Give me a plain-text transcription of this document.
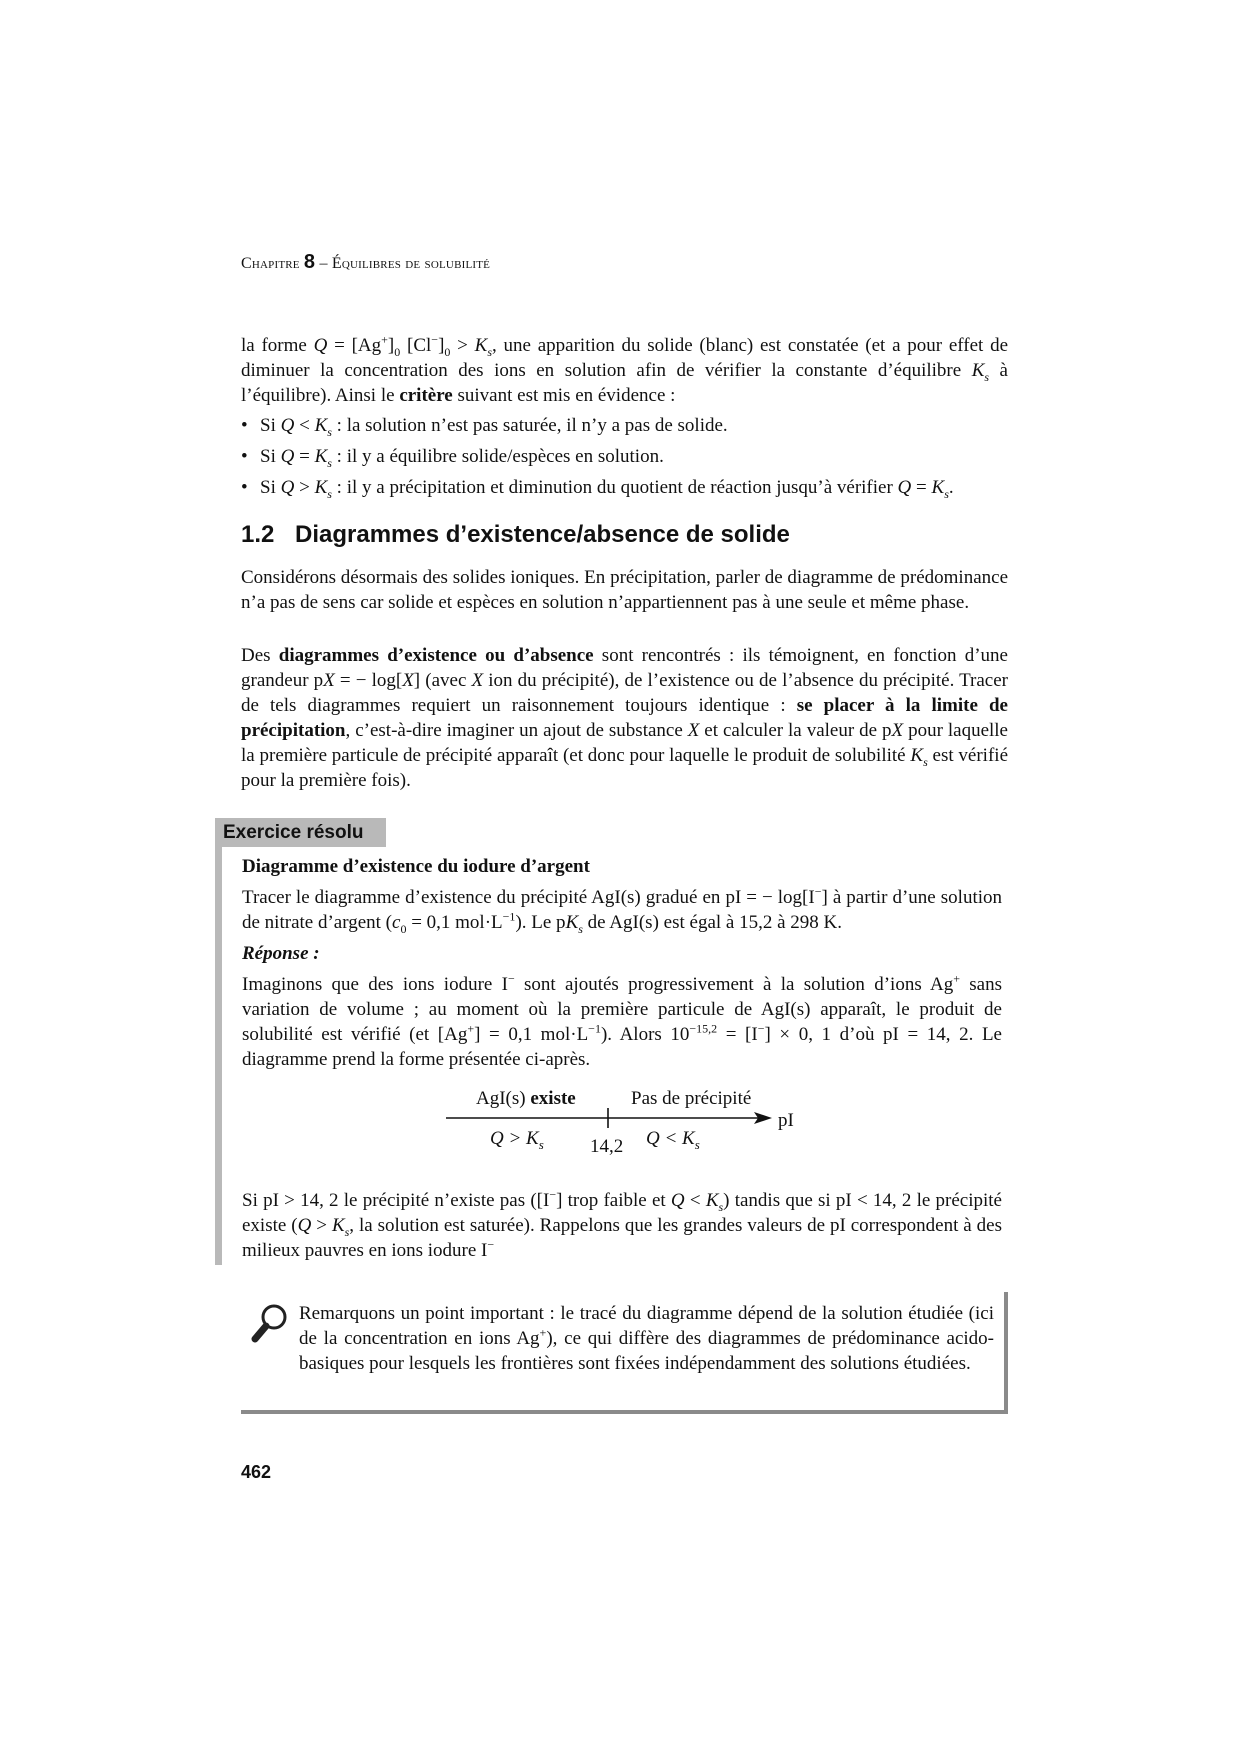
Chapitre 8 – Équilibres de solubilité

la forme $Q = [Ag^+]_0$ $[Cl^-]_0 > K_s$, une apparition du solide (blanc) est constatée (et a pour effet de diminuer la concentration des ions en solution afin de vérifier la constante d’équilibre $K_s$ à l’équilibre). Ainsi le critère suivant est mis en évidence :

• Si $Q < K_s$ : la solution n’est pas saturée, il n’y a pas de solide.
• Si $Q = K_s$ : il y a équilibre solide/espèces en solution.
• Si $Q > K_s$ : il y a précipitation et diminution du quotient de réaction jusqu’à vérifier $Q = K_s$.
1.2 Diagrammes d’existence/absence de solide

Considérons désormais des solides ioniques. En précipitation, parler de diagramme de prédominance n’a pas de sens car solide et espèces en solution n’appartiennent pas à une seule et même phase.

Des diagrammes d’existence ou d’absence sont rencontrés : ils témoignent, en fonction d’une grandeur pX = − log[X] (avec X ion du précipité), de l’existence ou de l’absence du précipité. Tracer de tels diagrammes requiert un raisonnement toujours identique : se placer à la limite de précipitation, c’est-à-dire imaginer un ajout de substance X et calculer la valeur de pX pour laquelle la première particule de précipité apparaît (et donc pour laquelle le produit de solubilité $K_s$ est vérifié pour la première fois).

Exercice résolu

Diagramme d’existence du iodure d’argent

Tracer le diagramme d’existence du précipité AgI(s) gradué en pI = − log[I−] à partir d’une solution de nitrate d’argent ($c_0 = 0,1$ $mol\cdot L^{-1}$). Le $pK_s$ de AgI(s) est égal à 15,2 à 298 K.

Réponse :

Imaginons que des ions iodure I− sont ajoutés progressivement à la solution d’ions Ag+ sans variation de volume ; au moment où la première particule de AgI(s) apparaît, le produit de solubilité est vérifié (et [Ag+] = 0,1 $mol\cdot L^{-1}$). Alors $10^{-15,2} = [I^-] \times 0$, 1 d’où pI = 14, 2. Le diagramme prend la forme présentée ci-après.

AgI(s) existe	Pas de précipité
pI
$Q > K_s$ 14,2 $Q < K_s$

Si pI > 14, 2 le précipité n’existe pas ([I−] trop faible et $Q < K_s$) tandis que si pI < 14, 2 le précipité existe ($Q > K_s$, la solution est saturée). Rappelons que les grandes valeurs de pI correspondent à des milieux pauvres en ions iodure I−

Remarquons un point important : le tracé du diagramme dépend de la solution étudiée (ici de la concentration en ions Ag+), ce qui diffère des diagrammes de prédominance acido-basiques pour lesquels les frontières sont fixées indépendamment des solutions étudiées.

462
